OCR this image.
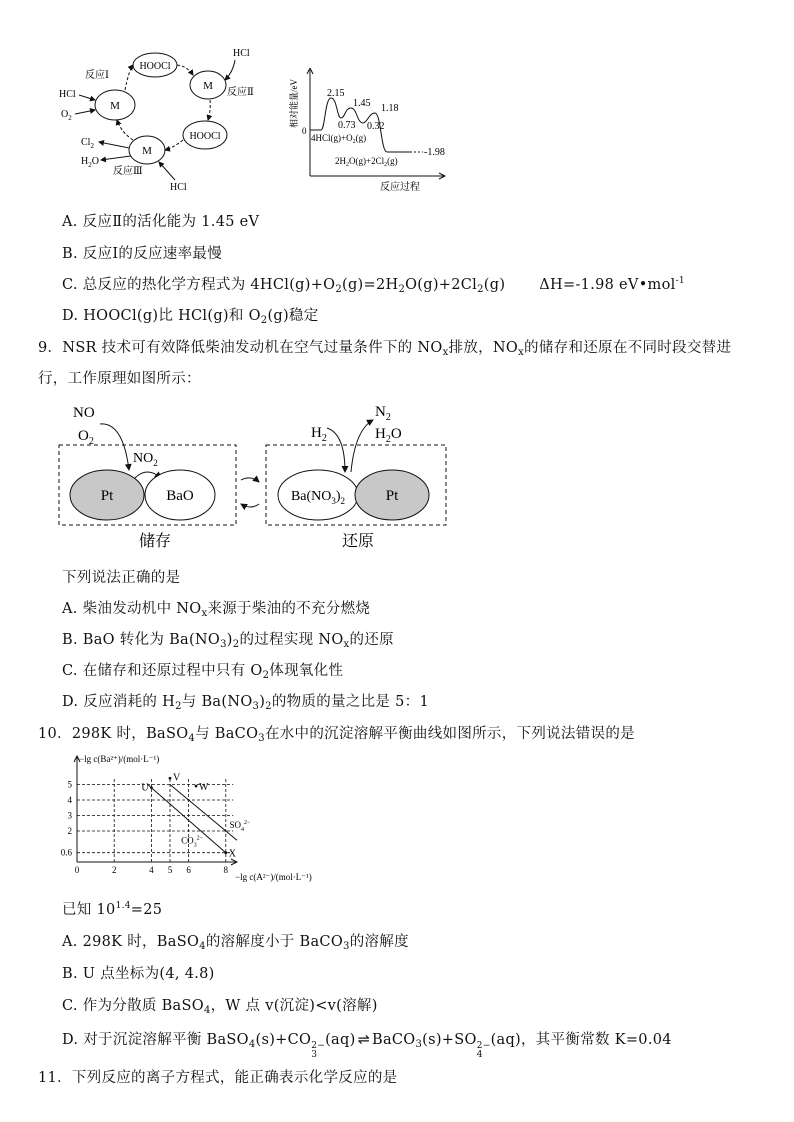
HOOCl
M
HOOCl
M
M
HCl
反应Ⅰ
反应Ⅱ
反应Ⅲ
HCl
$O_2$
$Cl_2$
$H_2O$
HCl
相对能量/eV
0
2.15
0.73
1.45
0.32
1.18
$4HCl(g)+O_2(g)$
$2H_2O(g)+2Cl_2(g)$
-1.98
反应过程
A. 反应Ⅱ的活化能为 1.45 eV
B. 反应Ⅰ的反应速率最慢
C. 总反应的热化学方程式为 $4HCl(g)+O_2(g)=2H_2O(g)+2Cl_2(g)$ ΔH=-1.98 eV•mol$^{-1}$
D. HOOCl(g)比 HCl(g)和 $O_2(g)$稳定
9．NSR 技术可有效降低柴油发动机在空气过量条件下的 $NO_x$排放，$NO_x$的储存和还原在不同时段交替进
行，工作原理如图所示：
NO
$O_2$
$NO_2$
Pt	BaO
储存
$H_2$
$N_2$
$H_2O$
$Ba(NO_3)_2$	Pt
还原
下列说法正确的是
A. 柴油发动机中 $NO_x$来源于柴油的不充分燃烧
B. BaO 转化为 $Ba(NO_3)_2$的过程实现 $NO_x$的还原
C. 在储存和还原过程中只有 $O_2$体现氧化性
D. 反应消耗的 $H_2$与 $Ba(NO_3)_2$的物质的量之比是 5：1
10．298K 时，BaSO$_4$与 BaCO$_3$在水中的沉淀溶解平衡曲线如图所示，下列说法错误的是
−lg c(Ba²⁺)/(mol·L⁻¹)
−lg c(A²⁻)/(mol·L⁻¹)
0.6
2
3
4
5
0	2	4 5 6	8
$CO_3^{2-}$
$SO_4^{2-}$
U
V
W
X
已知 $10^{1.4}=25$
A. 298K 时，BaSO$_4$的溶解度小于 BaCO$_3$的溶解度
B. U 点坐标为(4, 4.8)
C. 作为分散质 BaSO$_4$，W 点 v(沉淀)<v(溶解)
D. 对于沉淀溶解平衡 BaSO$_4$(s)+CO 2−
3
(aq) ⇌ BaCO$_3$(s)+SO 2−
4
(aq)，其平衡常数 K=0.04
11．下列反应的离子方程式，能正确表示化学反应的是
